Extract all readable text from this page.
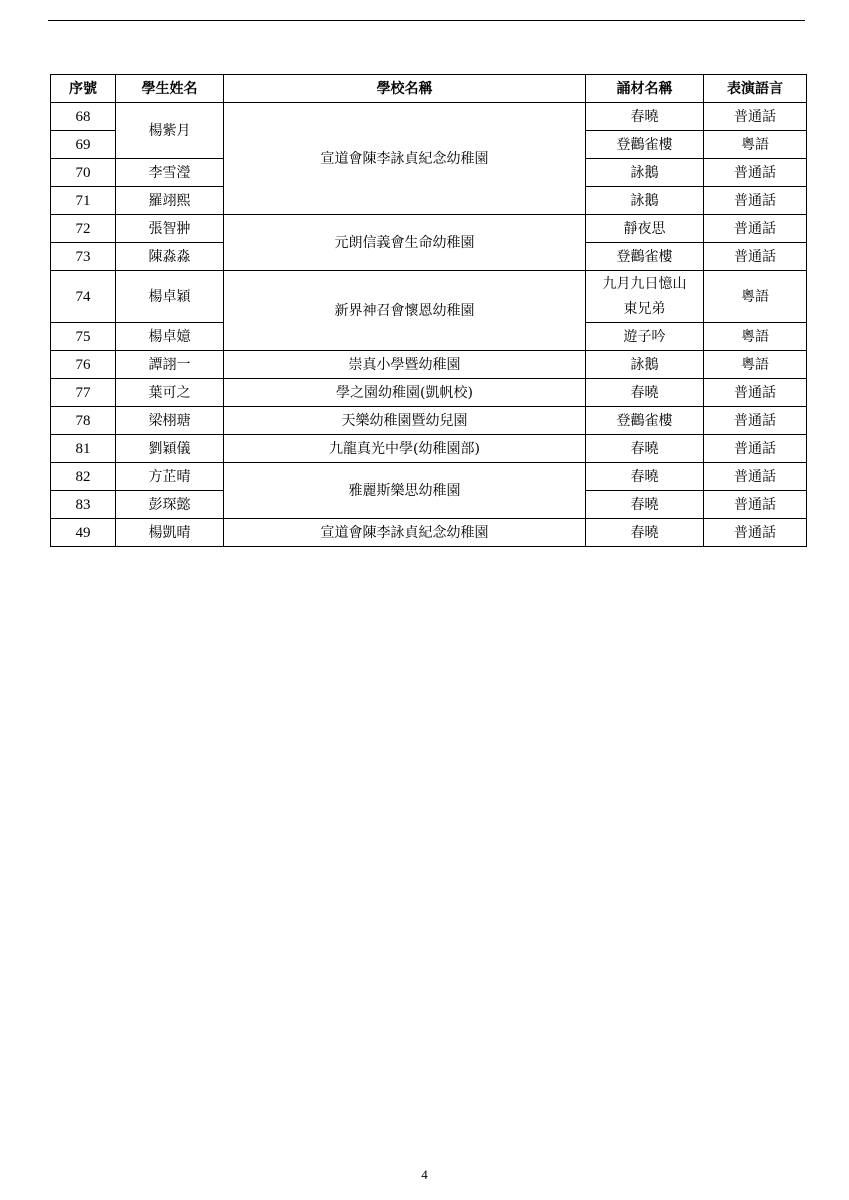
序號	學生姓名	學校名稱	誦材名稱	表演語言
68	楊紫月	宣道會陳李詠貞紀念幼稚園	春曉	普通話
69			登鸛雀樓	粵語
70	李雪瀅		詠鵝	普通話
71	羅翊熙		詠鵝	普通話
72	張智翀	元朗信義會生命幼稚園	靜夜思	普通話
73	陳淼淼		登鸛雀樓	普通話
74	楊卓穎	新界神召會懷恩幼稚園	九月九日憶山東兄弟	粵語
75	楊卓嬑		遊子吟	粵語
76	譚詡一	崇真小學暨幼稚園	詠鵝	粵語
77	葉可之	學之園幼稚園(凱帆校)	春曉	普通話
78	梁栩瑭	天樂幼稚園暨幼兒園	登鸛雀樓	普通話
81	劉穎儀	九龍真光中學(幼稚園部)	春曉	普通話
82	方芷晴	雅麗斯樂思幼稚園	春曉	普通話
83	彭琛懿		春曉	普通話
49	楊凱晴	宣道會陳李詠貞紀念幼稚園	春曉	普通話
4
